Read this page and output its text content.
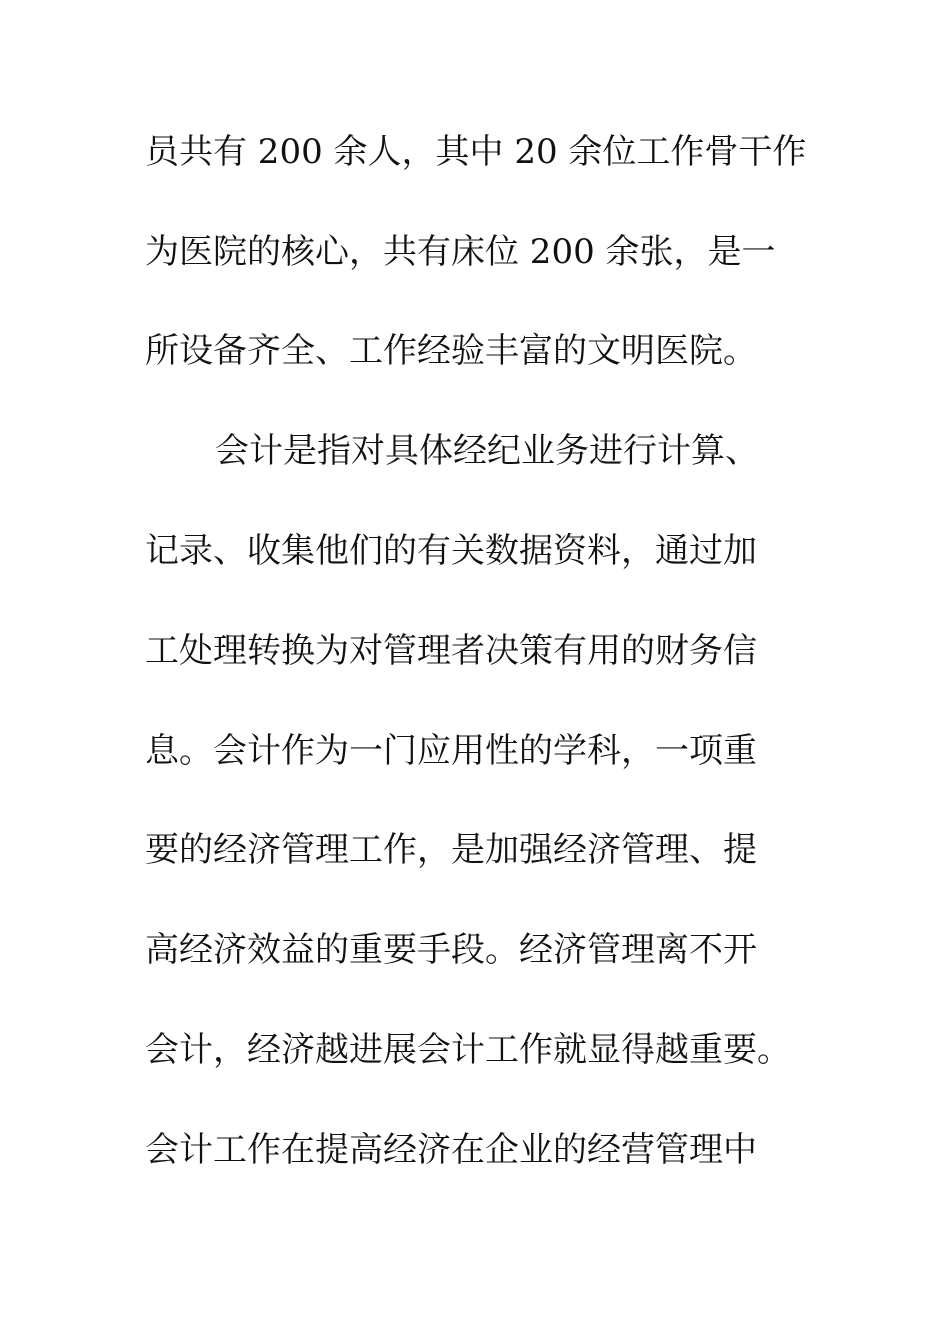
员共有 200 余人，其中 20 余位工作骨干作
为医院的核心，共有床位 200 余张，是一
所设备齐全、工作经验丰富的文明医院。
会计是指对具体经纪业务进行计算、
记录、收集他们的有关数据资料，通过加
工处理转换为对管理者决策有用的财务信
息。会计作为一门应用性的学科，一项重
要的经济管理工作，是加强经济管理、提
高经济效益的重要手段。经济管理离不开
会计，经济越进展会计工作就显得越重要。
会计工作在提高经济在企业的经营管理中
